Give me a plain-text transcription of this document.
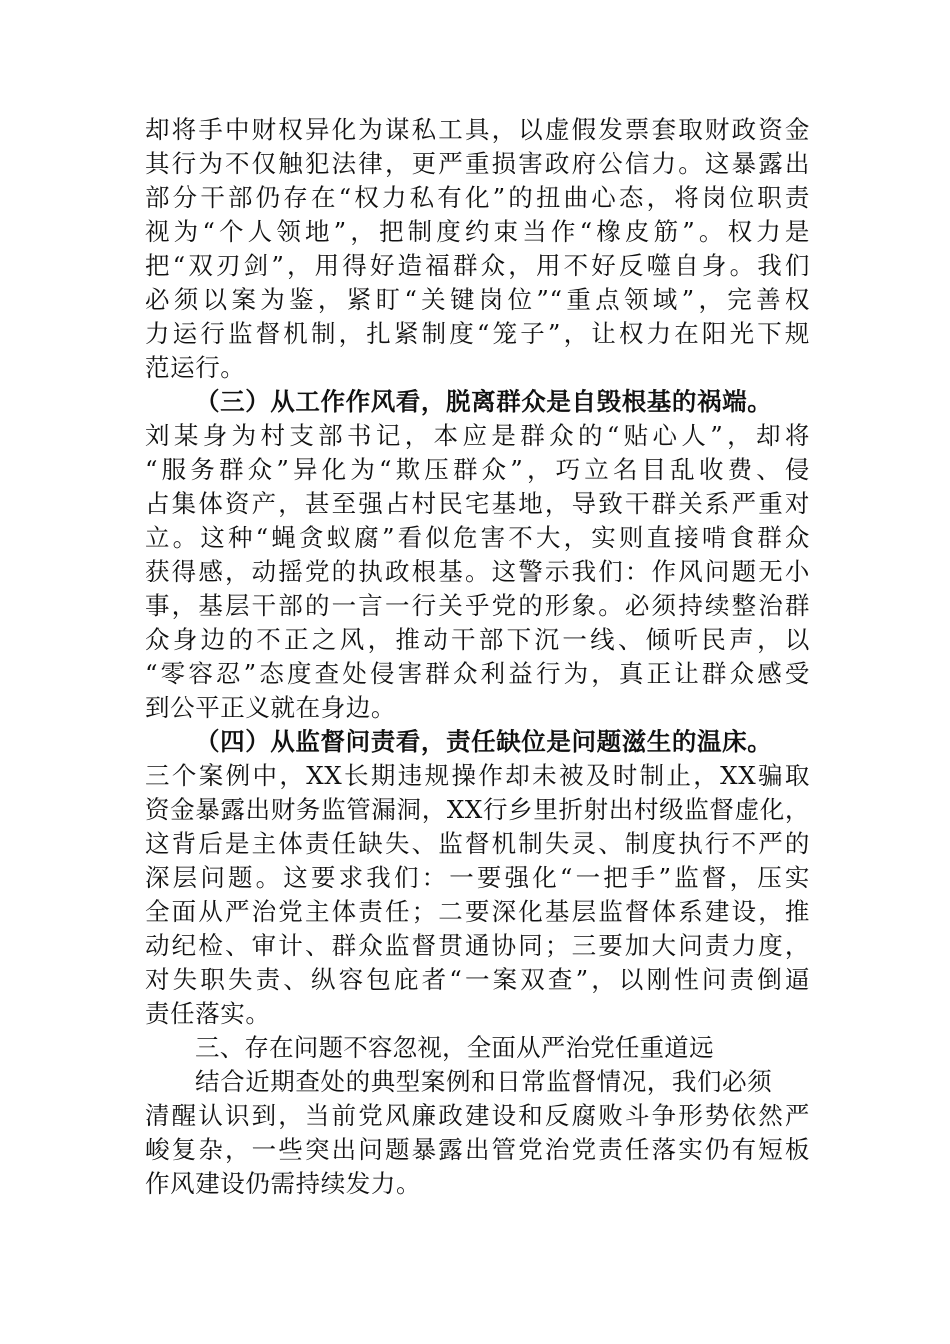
却将手中财权异化为谋私工具，以虚假发票套取财政资金
其行为不仅触犯法律，更严重损害政府公信力。这暴露出
部分干部仍存在“权力私有化”的扭曲心态，将岗位职责
视为“个人领地”，把制度约束当作“橡皮筋”。权力是
把“双刃剑”，用得好造福群众，用不好反噬自身。我们
必须以案为鉴，紧盯“关键岗位”“重点领域”，完善权
力运行监督机制，扎紧制度“笼子”，让权力在阳光下规
范运行。
（三）从工作作风看，脱离群众是自毁根基的祸端。
刘某身为村支部书记，本应是群众的“贴心人”，却将
“服务群众”异化为“欺压群众”，巧立名目乱收费、侵
占集体资产，甚至强占村民宅基地，导致干群关系严重对
立。这种“蝇贪蚁腐”看似危害不大，实则直接啃食群众
获得感，动摇党的执政根基。这警示我们：作风问题无小
事，基层干部的一言一行关乎党的形象。必须持续整治群
众身边的不正之风，推动干部下沉一线、倾听民声，以
“零容忍”态度查处侵害群众利益行为，真正让群众感受
到公平正义就在身边。
（四）从监督问责看，责任缺位是问题滋生的温床。
三个案例中，XX长期违规操作却未被及时制止，XX骗取
资金暴露出财务监管漏洞，XX行乡里折射出村级监督虚化，
这背后是主体责任缺失、监督机制失灵、制度执行不严的
深层问题。这要求我们：一要强化“一把手”监督，压实
全面从严治党主体责任；二要深化基层监督体系建设，推
动纪检、审计、群众监督贯通协同；三要加大问责力度，
对失职失责、纵容包庇者“一案双查”，以刚性问责倒逼
责任落实。
三、存在问题不容忽视，全面从严治党任重道远
结合近期查处的典型案例和日常监督情况，我们必须
清醒认识到，当前党风廉政建设和反腐败斗争形势依然严
峻复杂，一些突出问题暴露出管党治党责任落实仍有短板
作风建设仍需持续发力。
